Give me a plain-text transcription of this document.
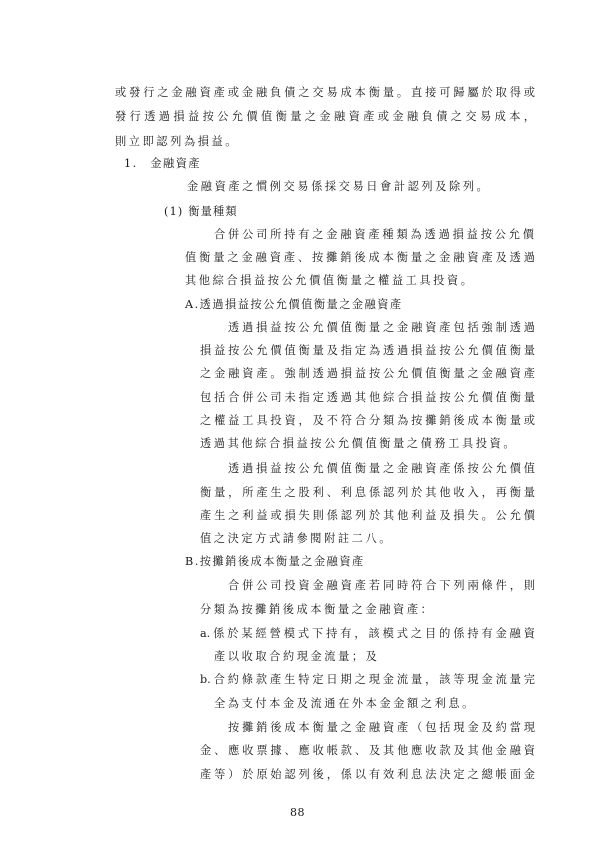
或發行之金融資產或金融負債之交易成本衡量。直接可歸屬於取得或
發行透過損益按公允價值衡量之金融資產或金融負債之交易成本，
則立即認列為損益。
1.　金融資產
金融資產之慣例交易係採交易日會計認列及除列。
(1) 衡量種類
合併公司所持有之金融資產種類為透過損益按公允價
值衡量之金融資產、按攤銷後成本衡量之金融資產及透過
其他綜合損益按公允價值衡量之權益工具投資。
A.透過損益按公允價值衡量之金融資產
透過損益按公允價值衡量之金融資產包括強制透過
損益按公允價值衡量及指定為透過損益按公允價值衡量
之金融資產。強制透過損益按公允價值衡量之金融資產
包括合併公司未指定透過其他綜合損益按公允價值衡量
之權益工具投資，及不符合分類為按攤銷後成本衡量或
透過其他綜合損益按公允價值衡量之債務工具投資。
透過損益按公允價值衡量之金融資產係按公允價值
衡量，所產生之股利、利息係認列於其他收入，再衡量
產生之利益或損失則係認列於其他利益及損失。公允價
值之決定方式請參閱附註二八。
B.按攤銷後成本衡量之金融資產
合併公司投資金融資產若同時符合下列兩條件，則
分類為按攤銷後成本衡量之金融資產：
a.係於某經營模式下持有，該模式之目的係持有金融資
產以收取合約現金流量；及
b.合約條款產生特定日期之現金流量，該等現金流量完
全為支付本金及流通在外本金金額之利息。
按攤銷後成本衡量之金融資產（包括現金及約當現
金、應收票據、應收帳款、及其他應收款及其他金融資
產等）於原始認列後，係以有效利息法決定之總帳面金
88
